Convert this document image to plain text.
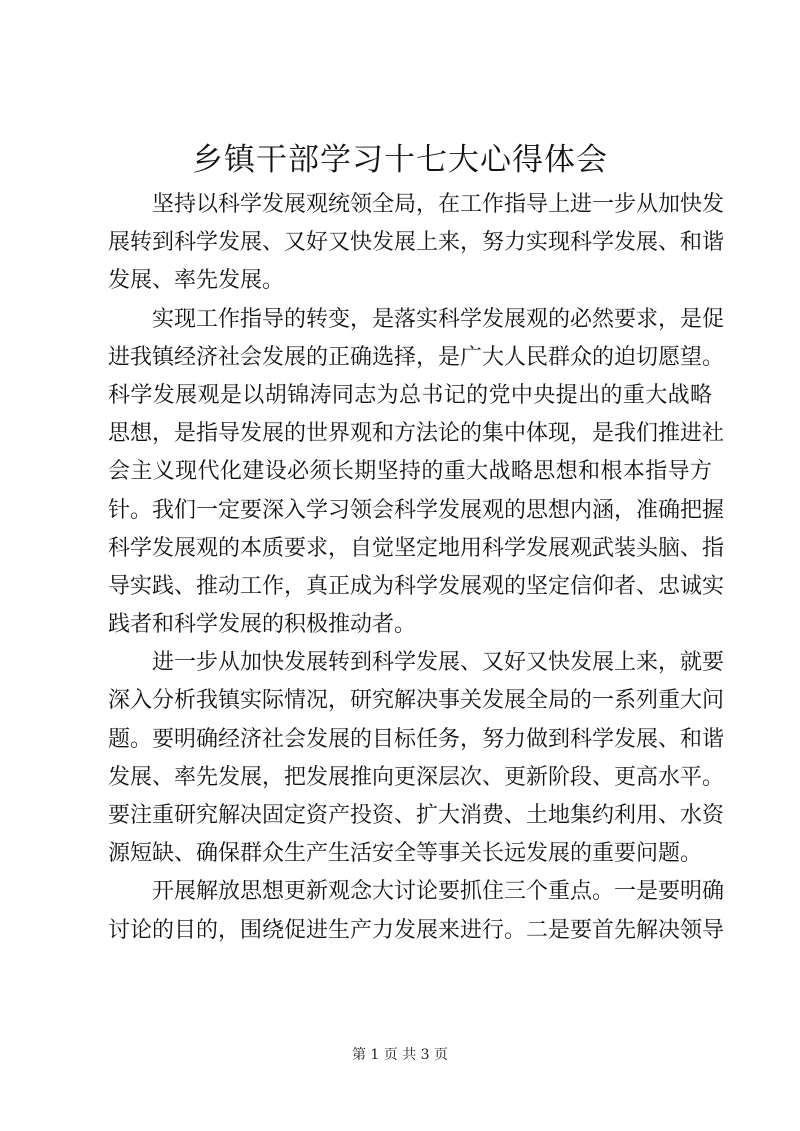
乡镇干部学习十七大心得体会
坚持以科学发展观统领全局，在工作指导上进一步从加快发
展转到科学发展、又好又快发展上来，努力实现科学发展、和谐
发展、率先发展。
实现工作指导的转变，是落实科学发展观的必然要求，是促
进我镇经济社会发展的正确选择，是广大人民群众的迫切愿望。
科学发展观是以胡锦涛同志为总书记的党中央提出的重大战略
思想，是指导发展的世界观和方法论的集中体现，是我们推进社
会主义现代化建设必须长期坚持的重大战略思想和根本指导方
针。我们一定要深入学习领会科学发展观的思想内涵，准确把握
科学发展观的本质要求，自觉坚定地用科学发展观武装头脑、指
导实践、推动工作，真正成为科学发展观的坚定信仰者、忠诚实
践者和科学发展的积极推动者。
进一步从加快发展转到科学发展、又好又快发展上来，就要
深入分析我镇实际情况，研究解决事关发展全局的一系列重大问
题。要明确经济社会发展的目标任务，努力做到科学发展、和谐
发展、率先发展，把发展推向更深层次、更新阶段、更高水平。
要注重研究解决固定资产投资、扩大消费、土地集约利用、水资
源短缺、确保群众生产生活安全等事关长远发展的重要问题。
开展解放思想更新观念大讨论要抓住三个重点。一是要明确
讨论的目的，围绕促进生产力发展来进行。二是要首先解决领导
第 1 页 共 3 页
